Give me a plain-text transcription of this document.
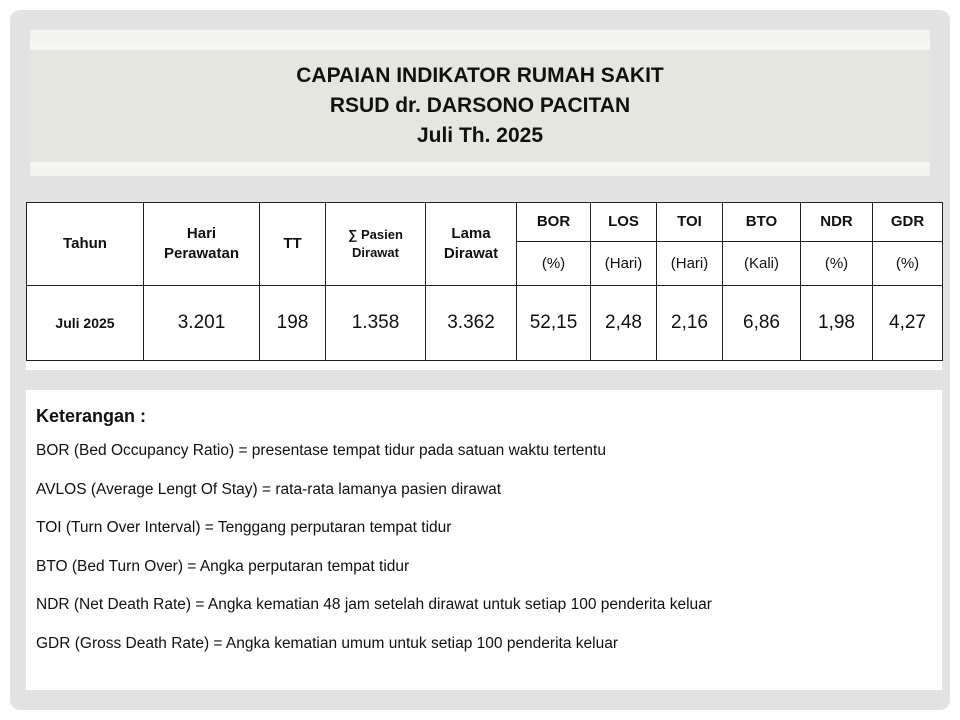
CAPAIAN INDIKATOR RUMAH SAKIT
RSUD dr. DARSONO PACITAN
Juli Th. 2025
Tahun	Hari Perawatan	TT	∑ Pasien Dirawat	Lama Dirawat	BOR	LOS	TOI	BTO	NDR	GDR
					(%)	(Hari)	(Hari)	(Kali)	(%)	(%)
Juli 2025	3.201	198	1.358	3.362	52,15	2,48	2,16	6,86	1,98	4,27
Keterangan :
BOR (Bed Occupancy Ratio) = presentase tempat tidur pada satuan waktu tertentu
AVLOS (Average Lengt Of Stay) = rata-rata lamanya pasien dirawat
TOI (Turn Over Interval) = Tenggang perputaran tempat tidur
BTO (Bed Turn Over) = Angka perputaran tempat tidur
NDR (Net Death Rate) = Angka kematian 48 jam setelah dirawat untuk setiap 100 penderita keluar
GDR (Gross Death Rate) = Angka kematian umum untuk setiap 100 penderita keluar
